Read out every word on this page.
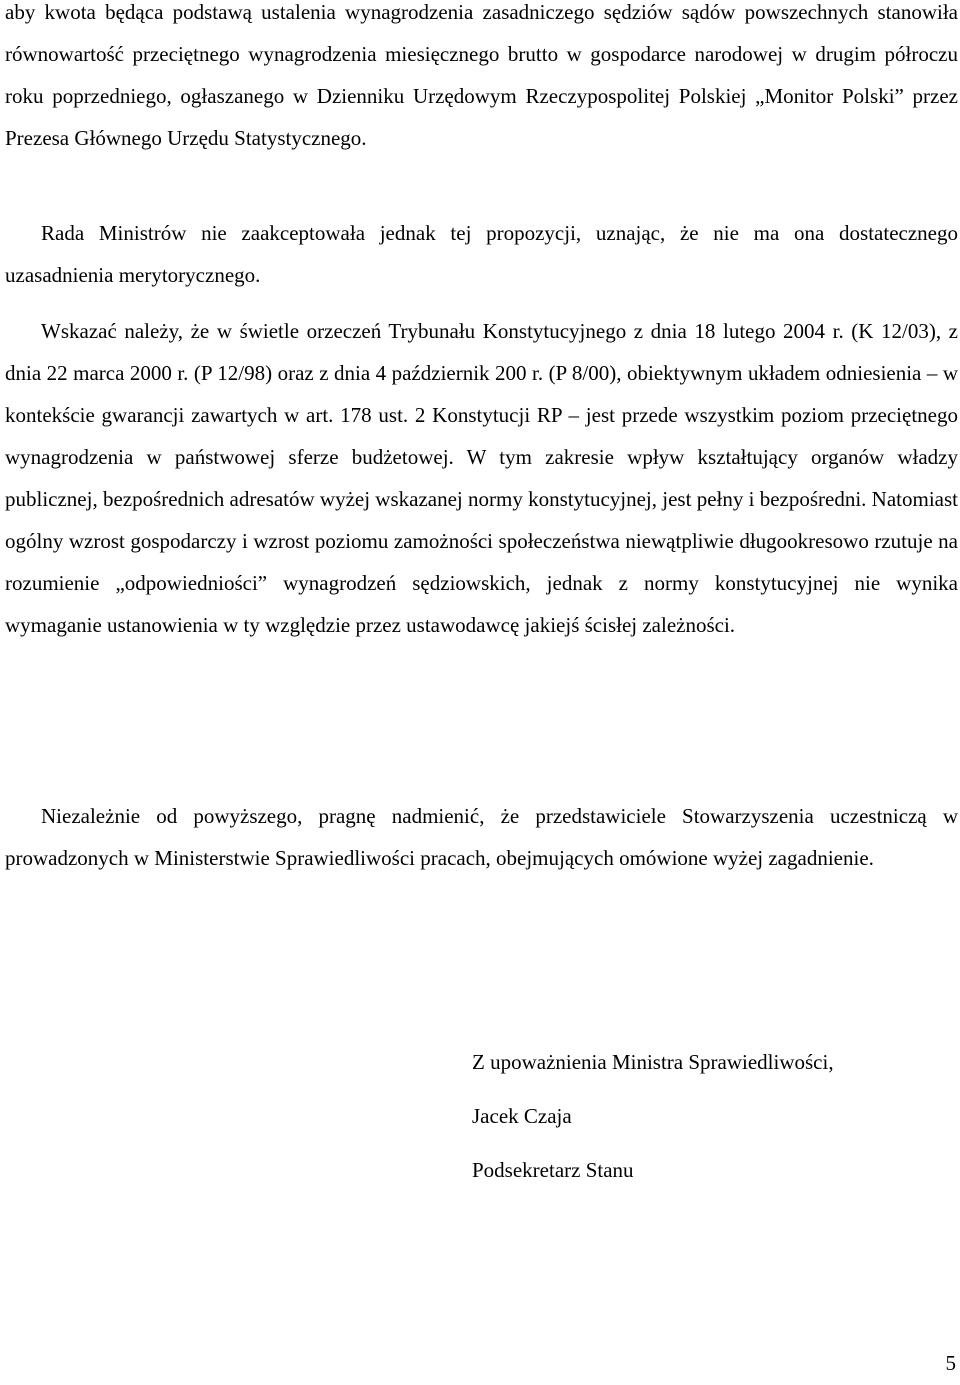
aby kwota będąca podstawą ustalenia wynagrodzenia zasadniczego sędziów sądów powszechnych stanowiła równowartość przeciętnego wynagrodzenia miesięcznego brutto w gospodarce narodowej w drugim półroczu roku poprzedniego, ogłaszanego w Dzienniku Urzędowym Rzeczypospolitej Polskiej „Monitor Polski” przez Prezesa Głównego Urzędu Statystycznego.

Rada Ministrów nie zaakceptowała jednak tej propozycji, uznając, że nie ma ona dostatecznego uzasadnienia merytorycznego.

Wskazać należy, że w świetle orzeczeń Trybunału Konstytucyjnego z dnia 18 lutego 2004 r. (K 12/03), z dnia 22 marca 2000 r. (P 12/98) oraz z dnia 4 październik 200 r. (P 8/00), obiektywnym układem odniesienia – w kontekście gwarancji zawartych w art. 178 ust. 2 Konstytucji RP – jest przede wszystkim poziom przeciętnego wynagrodzenia w państwowej sferze budżetowej. W tym zakresie wpływ kształtujący organów władzy publicznej, bezpośrednich adresatów wyżej wskazanej normy konstytucyjnej, jest pełny i bezpośredni. Natomiast ogólny wzrost gospodarczy i wzrost poziomu zamożności społeczeństwa niewątpliwie długookresowo rzutuje na rozumienie „odpowiedniości” wynagrodzeń sędziowskich, jednak z normy konstytucyjnej nie wynika wymaganie ustanowienia w ty względzie przez ustawodawcę jakiejś ścisłej zależności.

Niezależnie od powyższego, pragnę nadmienić, że przedstawiciele Stowarzyszenia uczestniczą w prowadzonych w Ministerstwie Sprawiedliwości pracach, obejmujących omówione wyżej zagadnienie.

Z upoważnienia Ministra Sprawiedliwości,

Jacek Czaja

Podsekretarz Stanu

5
